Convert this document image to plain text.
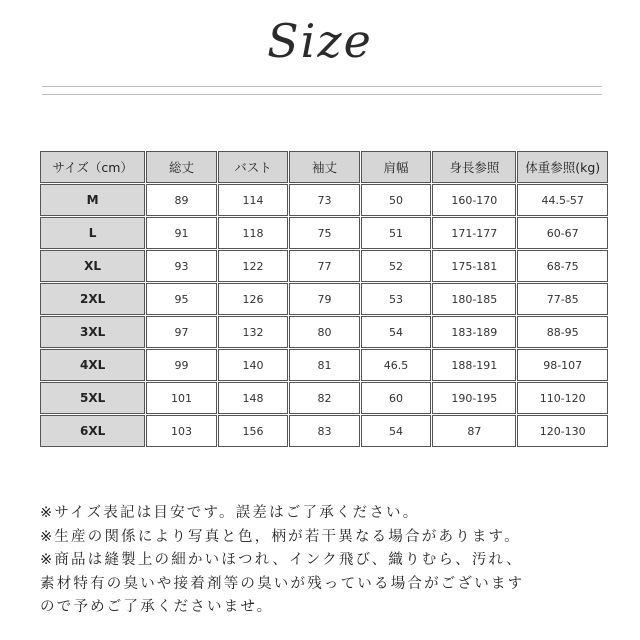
Size
サイズ（cm）	総丈	バスト	袖丈	肩幅	身長参照	体重参照(kg)
M	89	114	73	50	160-170	44.5-57
L	91	118	75	51	171-177	60-67
XL	93	122	77	52	175-181	68-75
2XL	95	126	79	53	180-185	77-85
3XL	97	132	80	54	183-189	88-95
4XL	99	140	81	46.5	188-191	98-107
5XL	101	148	82	60	190-195	110-120
6XL	103	156	83	54	87	120-130
※サイズ表記は目安です。誤差はご了承ください。
※生産の関係により写真と色，柄が若干異なる場合があります。
※商品は縫製上の細かいほつれ、インク飛び、織りむら、汚れ、
素材特有の臭いや接着剤等の臭いが残っている場合がございます
ので予めご了承くださいませ。
